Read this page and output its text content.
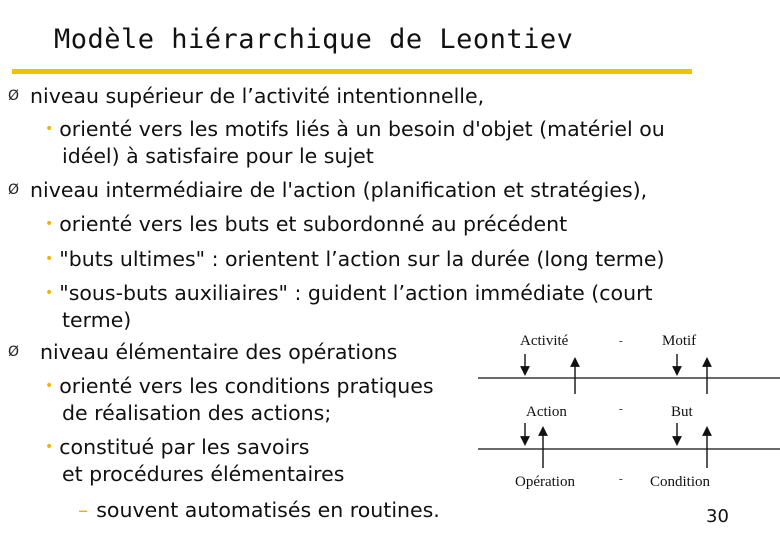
Modèle hiérarchique de Leontiev
Ø
Ø
Ø
niveau supérieur de l’activité intentionnelle,
• orienté vers les motifs liés à un besoin d'objet (matériel ou
idéel) à satisfaire pour le sujet
niveau intermédiaire de l'action (planification et stratégies),
• orienté vers les buts et subordonné au précédent
• "buts ultimes" : orientent l’action sur la durée (long terme)
• "sous-buts auxiliaires" : guident l’action immédiate (court
terme)
niveau élémentaire des opérations
• orienté vers les conditions pratiques
de réalisation des actions;
• constitué par les savoirs
et procédures élémentaires
– souvent automatisés en routines.
Activité	-	Motif
Action	-	But
Opération	- Condition
30
